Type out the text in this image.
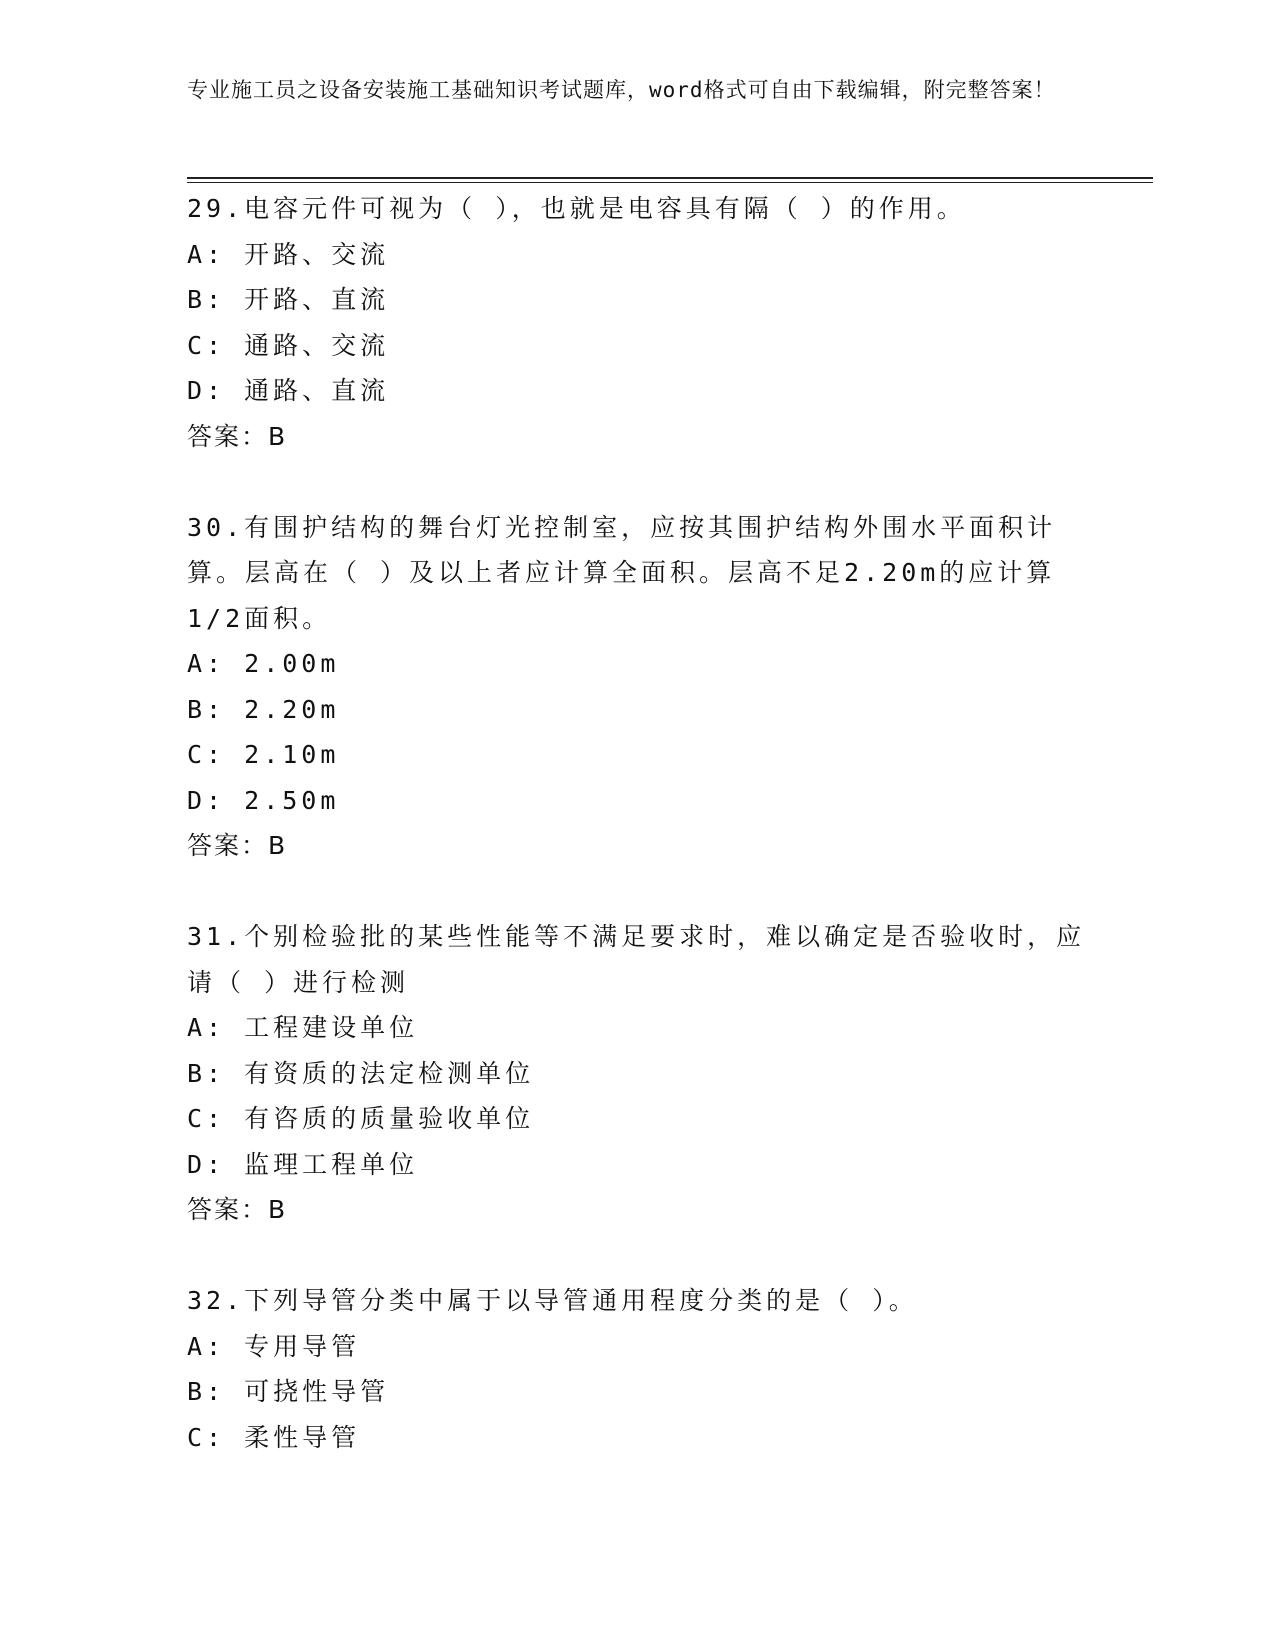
专业施工员之设备安装施工基础知识考试题库，word格式可自由下载编辑，附完整答案！
29.电容元件可视为（ ），也就是电容具有隔（ ）的作用。
A: 开路、交流
B: 开路、直流
C: 通路、交流
D: 通路、直流
答案：B
30.有围护结构的舞台灯光控制室，应按其围护结构外围水平面积计算。层高在（ ）及以上者应计算全面积。层高不足2.20m的应计算1/2面积。
A: 2.00m
B: 2.20m
C: 2.10m
D: 2.50m
答案：B
31.个别检验批的某些性能等不满足要求时，难以确定是否验收时，应请（ ）进行检测
A: 工程建设单位
B: 有资质的法定检测单位
C: 有咨质的质量验收单位
D: 监理工程单位
答案：B
32.下列导管分类中属于以导管通用程度分类的是（ ）。
A: 专用导管
B: 可挠性导管
C: 柔性导管
